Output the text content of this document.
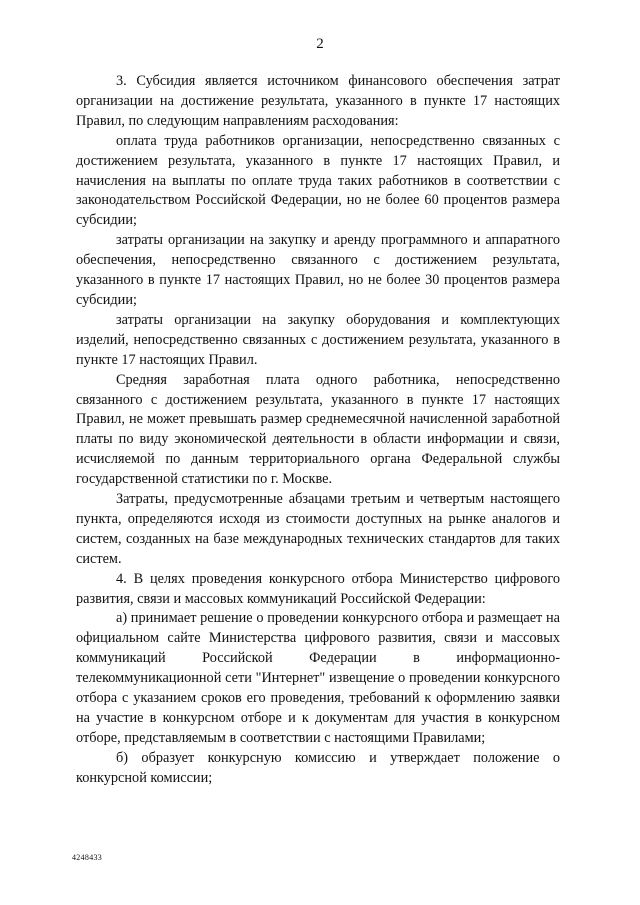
2

3. Субсидия является источником финансового обеспечения затрат организации на достижение результата, указанного в пункте 17 настоящих Правил, по следующим направлениям расходования:

оплата труда работников организации, непосредственно связанных с достижением результата, указанного в пункте 17 настоящих Правил, и начисления на выплаты по оплате труда таких работников в соответствии с законодательством Российской Федерации, но не более 60 процентов размера субсидии;

затраты организации на закупку и аренду программного и аппаратного обеспечения, непосредственно связанного с достижением результата, указанного в пункте 17 настоящих Правил, но не более 30 процентов размера субсидии;

затраты организации на закупку оборудования и комплектующих изделий, непосредственно связанных с достижением результата, указанного в пункте 17 настоящих Правил.

Средняя заработная плата одного работника, непосредственно связанного с достижением результата, указанного в пункте 17 настоящих Правил, не может превышать размер среднемесячной начисленной заработной платы по виду экономической деятельности в области информации и связи, исчисляемой по данным территориального органа Федеральной службы государственной статистики по г. Москве.

Затраты, предусмотренные абзацами третьим и четвертым настоящего пункта, определяются исходя из стоимости доступных на рынке аналогов и систем, созданных на базе международных технических стандартов для таких систем.

4. В целях проведения конкурсного отбора Министерство цифрового развития, связи и массовых коммуникаций Российской Федерации:

а) принимает решение о проведении конкурсного отбора и размещает на официальном сайте Министерства цифрового развития, связи и массовых коммуникаций Российской Федерации в информационно-телекоммуникационной сети "Интернет" извещение о проведении конкурсного отбора с указанием сроков его проведения, требований к оформлению заявки на участие в конкурсном отборе и к документам для участия в конкурсном отборе, представляемым в соответствии с настоящими Правилами;

б) образует конкурсную комиссию и утверждает положение о конкурсной комиссии;

4248433
